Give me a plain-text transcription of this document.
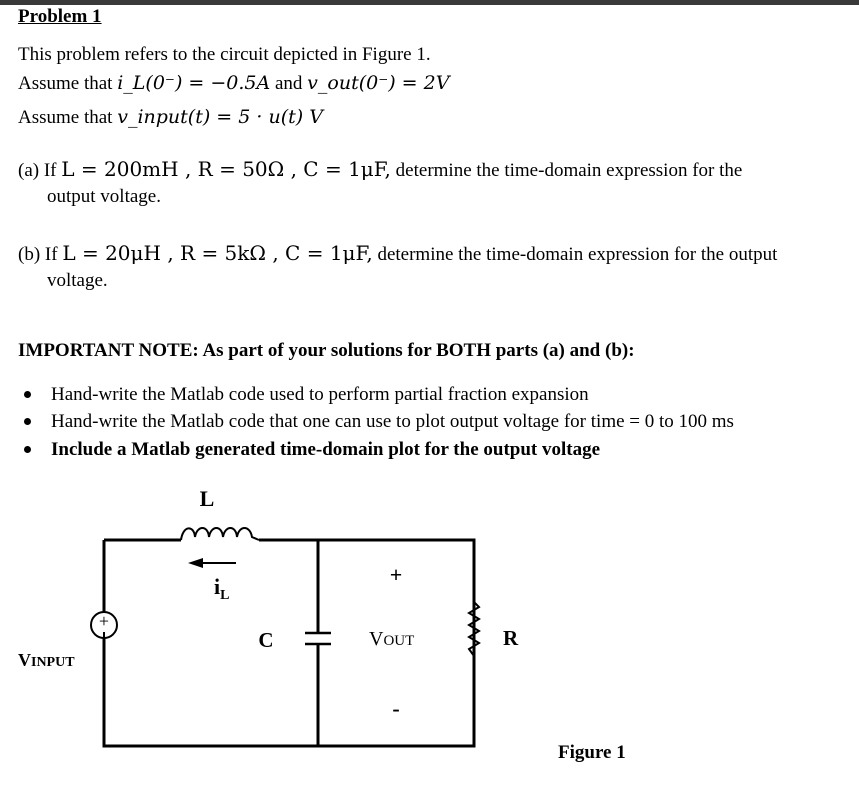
Problem 1
This problem refers to the circuit depicted in Figure 1.
Assume that i_L(0⁻) = −0.5A and v_out(0⁻) = 2V
Assume that v_input(t) = 5 · u(t) V
(a) If L = 200mH , R = 50Ω , C = 1μF, determine the time-domain expression for the
output voltage.
(b) If L = 20μH , R = 5kΩ , C = 1μF, determine the time-domain expression for the output
voltage.
IMPORTANT NOTE: As part of your solutions for BOTH parts (a) and (b):
Hand-write the Matlab code used to perform partial fraction expansion
Hand-write the Matlab code that one can use to plot output voltage for time = 0 to 100 ms
Include a Matlab generated time-domain plot for the output voltage
L
$i_L$
C
+
VOUT
-
R
+
VINPUT
Figure 1
